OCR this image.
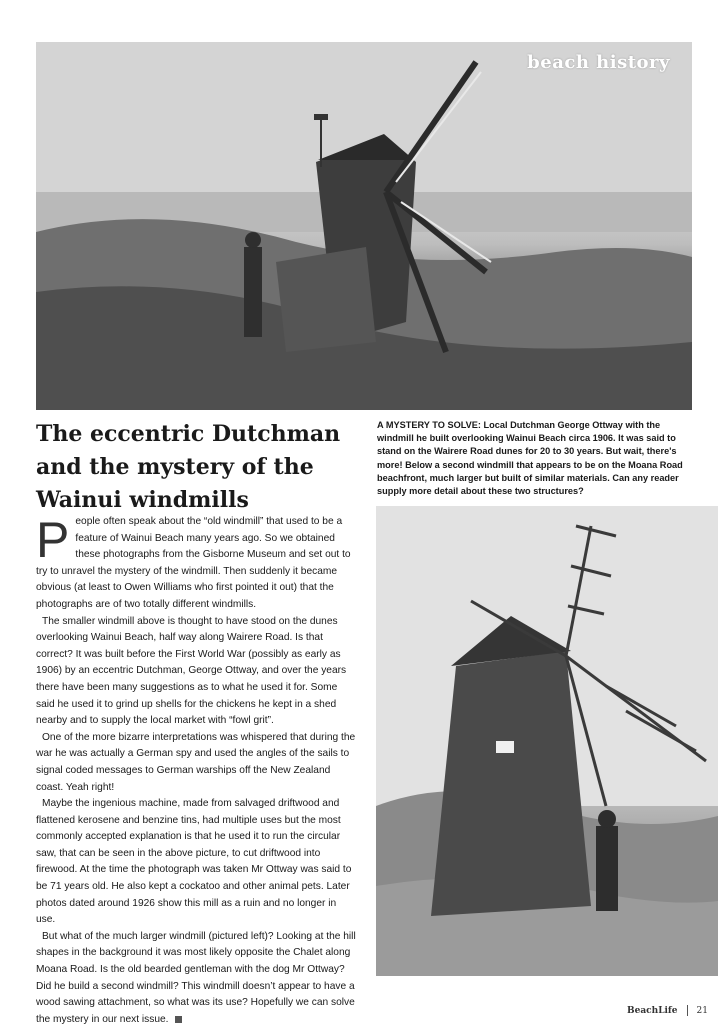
beach history
The eccentric Dutchman
and the mystery of the
Wainui windmills

A MYSTERY TO SOLVE: Local Dutchman George Ottway with the windmill he built overlooking Wainui Beach circa 1906. It was said to stand on the Wairere Road dunes for 20 to 30 years. But wait, there's more! Below a second windmill that appears to be on the Moana Road beachfront, much larger but built of similar materials. Can any reader supply more detail about these two structures?

People often speak about the “old windmill” that used to be a feature of Wainui Beach many years ago. So we obtained these photographs from the Gisborne Museum and set out to try to unravel the mystery of the windmill. Then suddenly it became obvious (at least to Owen Williams who first pointed it out) that the photographs are of two totally different windmills.

The smaller windmill above is thought to have stood on the dunes overlooking Wainui Beach, half way along Wairere Road. Is that correct? It was built before the First World War (possibly as early as 1906) by an eccentric Dutchman, George Ottway, and over the years there have been many suggestions as to what he used it for. Some said he used it to grind up shells for the chickens he kept in a shed nearby and to supply the local market with “fowl grit”.

One of the more bizarre interpretations was whispered that during the war he was actually a German spy and used the angles of the sails to signal coded messages to German warships off the New Zealand coast. Yeah right!

Maybe the ingenious machine, made from salvaged driftwood and flattened kerosene and benzine tins, had multiple uses but the most commonly accepted explanation is that he used it to run the circular saw, that can be seen in the above picture, to cut driftwood into firewood. At the time the photograph was taken Mr Ottway was said to be 71 years old. He also kept a cockatoo and other animal pets. Later photos dated around 1926 show this mill as a ruin and no longer in use.

But what of the much larger windmill (pictured left)? Looking at the hill shapes in the background it was most likely opposite the Chalet along Moana Road. Is the old bearded gentleman with the dog Mr Ottway? Did he build a second windmill? This windmill doesn’t appear to have a wood sawing attachment, so what was its use? Hopefully we can solve the mystery in our next issue.

BeachLife 21
